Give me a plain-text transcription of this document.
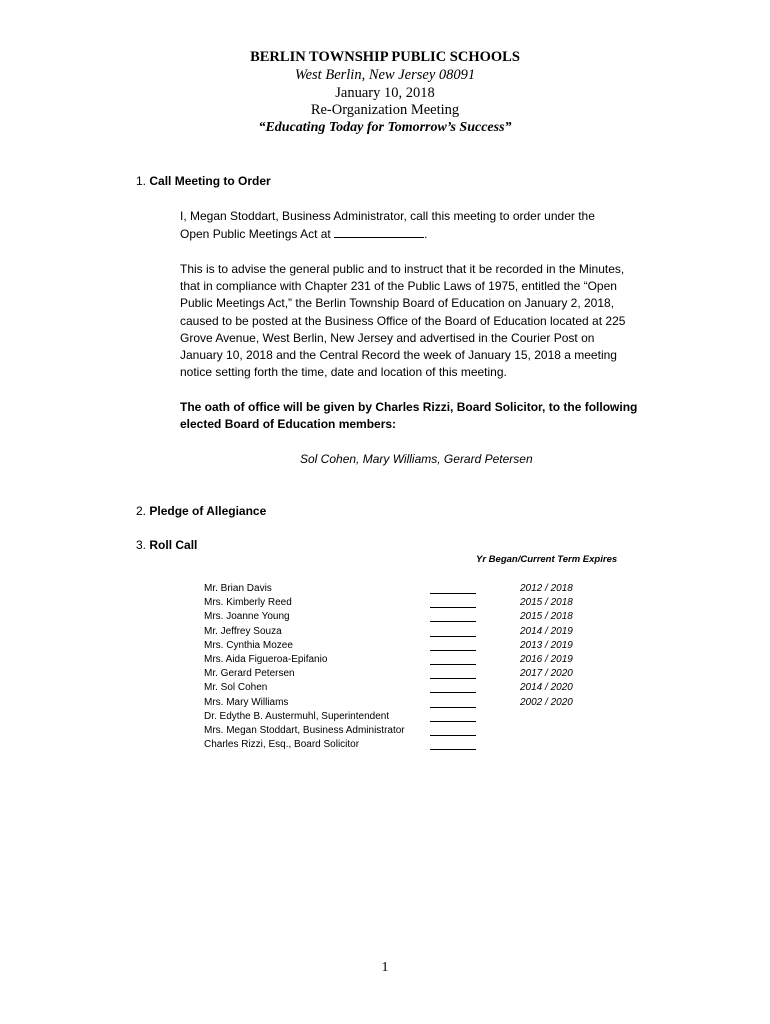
BERLIN TOWNSHIP PUBLIC SCHOOLS
West Berlin, New Jersey 08091
January 10, 2018
Re-Organization Meeting
“Educating Today for Tomorrow’s Success”
1. Call Meeting to Order
I, Megan Stoddart, Business Administrator, call this meeting to order under the
Open Public Meetings Act at	.
This is to advise the general public and to instruct that it be recorded in the Minutes,
that in compliance with Chapter 231 of the Public Laws of 1975, entitled the “Open
Public Meetings Act,” the Berlin Township Board of Education on January 2, 2018,
caused to be posted at the Business Office of the Board of Education located at 225
Grove Avenue, West Berlin, New Jersey and advertised in the Courier Post on
January 10, 2018 and the Central Record the week of January 15, 2018 a meeting
notice setting forth the time, date and location of this meeting.
The oath of office will be given by Charles Rizzi, Board Solicitor, to the following
elected Board of Education members:
Sol Cohen, Mary Williams, Gerard Petersen
2. Pledge of Allegiance
3. Roll Call
Yr Began/Current Term Expires
Mr. Brian Davis	2012 / 2018
Mrs. Kimberly Reed	2015 / 2018
Mrs. Joanne Young	2015 / 2018
Mr. Jeffrey Souza	2014 / 2019
Mrs. Cynthia Mozee	2013 / 2019
Mrs. Aida Figueroa-Epifanio	2016 / 2019
Mr. Gerard Petersen	2017 / 2020
Mr. Sol Cohen	2014 / 2020
Mrs. Mary Williams	2002 / 2020
Dr. Edythe B. Austermuhl, Superintendent
Mrs. Megan Stoddart, Business Administrator
Charles Rizzi, Esq., Board Solicitor
1
